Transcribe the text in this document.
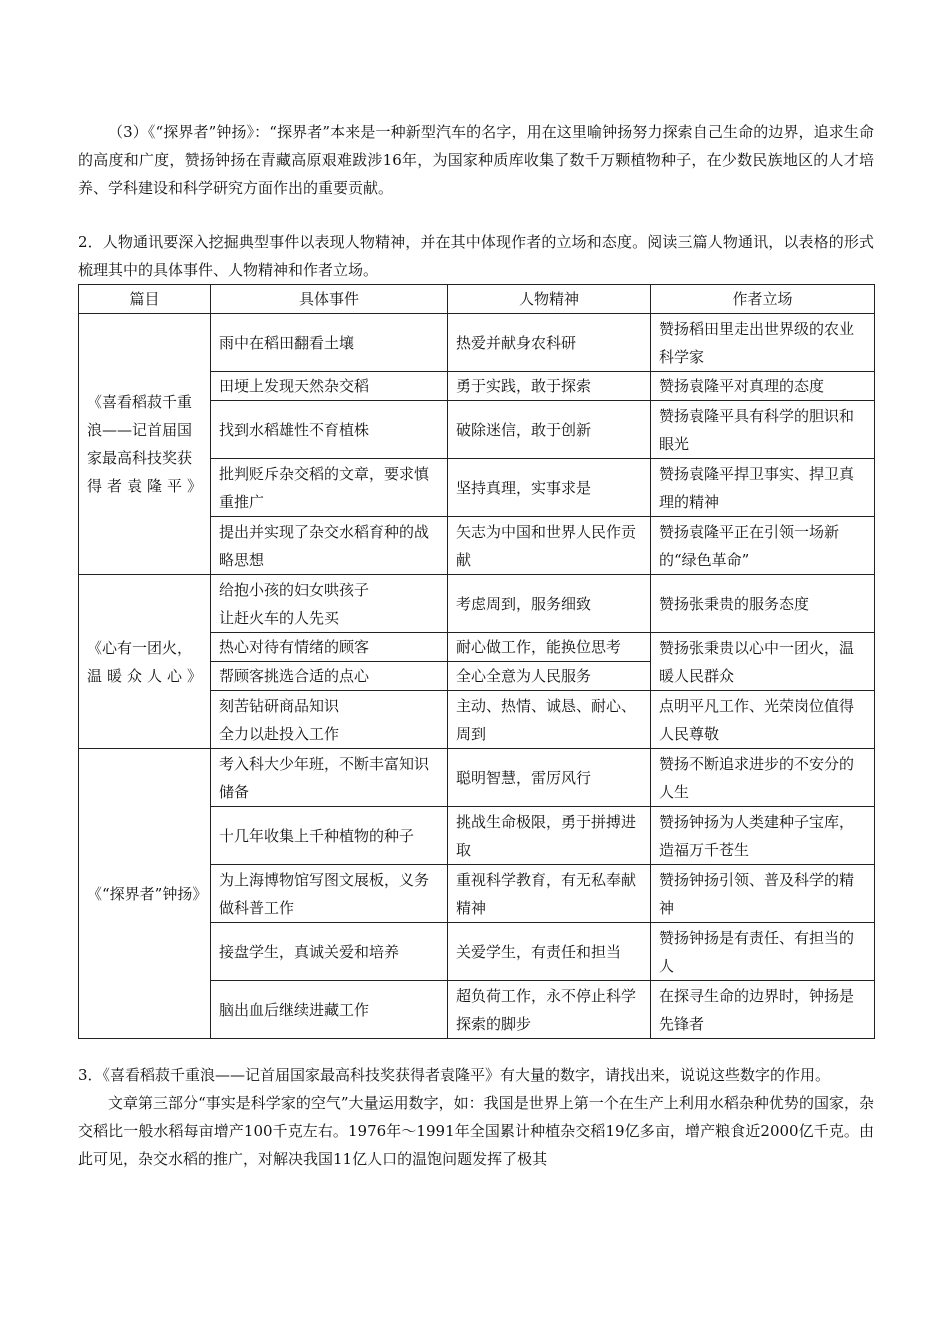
（3）《“探界者”钟扬》：“探界者”本来是一种新型汽车的名字，用在这里喻钟扬努力探索自己生命的边界，追求生命的高度和广度，赞扬钟扬在青藏高原艰难跋涉16年，为国家种质库收集了数千万颗植物种子，在少数民族地区的人才培养、学科建设和科学研究方面作出的重要贡献。

2．人物通讯要深入挖掘典型事件以表现人物精神，并在其中体现作者的立场和态度。阅读三篇人物通讯，以表格的形式梳理其中的具体事件、人物精神和作者立场。

篇目	具体事件	人物精神	作者立场
《喜看稻菽千重浪——记首届国家最高科技奖获得者袁隆平》	雨中在稻田翻看土壤	热爱并献身农科研	赞扬稻田里走出世界级的农业科学家

	田埂上发现天然杂交稻	勇于实践，敢于探索	赞扬袁隆平对真理的态度

	找到水稻雄性不育植株	破除迷信，敢于创新	赞扬袁隆平具有科学的胆识和眼光

	批判贬斥杂交稻的文章，要求慎重推广	坚持真理，实事求是	赞扬袁隆平捍卫事实、捍卫真理的精神

	提出并实现了杂交水稻育种的战略思想	矢志为中国和世界人民作贡献	赞扬袁隆平正在引领一场新的“绿色革命”

《心有一团火，温暖众人心》	给抱小孩的妇女哄孩子
让赶火车的人先买	考虑周到，服务细致	赞扬张秉贵的服务态度

	热心对待有情绪的顾客	耐心做工作，能换位思考	赞扬张秉贵以心中一团火，温暖人民群众

	帮顾客挑选合适的点心	全心全意为人民服务	

	刻苦钻研商品知识
全力以赴投入工作	主动、热情、诚恳、耐心、周到	点明平凡工作、光荣岗位值得人民尊敬

《“探界者”钟扬》	考入科大少年班，不断丰富知识储备	聪明智慧，雷厉风行	赞扬不断追求进步的不安分的人生

	十几年收集上千种植物的种子	挑战生命极限，勇于拼搏进取	赞扬钟扬为人类建种子宝库，造福万千苍生

	为上海博物馆写图文展板，义务做科普工作	重视科学教育，有无私奉献精神	赞扬钟扬引领、普及科学的精神

	接盘学生，真诚关爱和培养	关爱学生，有责任和担当	赞扬钟扬是有责任、有担当的人

	脑出血后继续进藏工作	超负荷工作，永不停止科学探索的脚步	在探寻生命的边界时，钟扬是先锋者

3．《喜看稻菽千重浪——记首届国家最高科技奖获得者袁隆平》有大量的数字，请找出来，说说这些数字的作用。

文章第三部分“事实是科学家的空气”大量运用数字，如：我国是世界上第一个在生产上利用水稻杂种优势的国家，杂交稻比一般水稻每亩增产100千克左右。1976年～1991年全国累计种植杂交稻19亿多亩，增产粮食近2000亿千克。由此可见，杂交水稻的推广，对解决我国11亿人口的温饱问题发挥了极其
